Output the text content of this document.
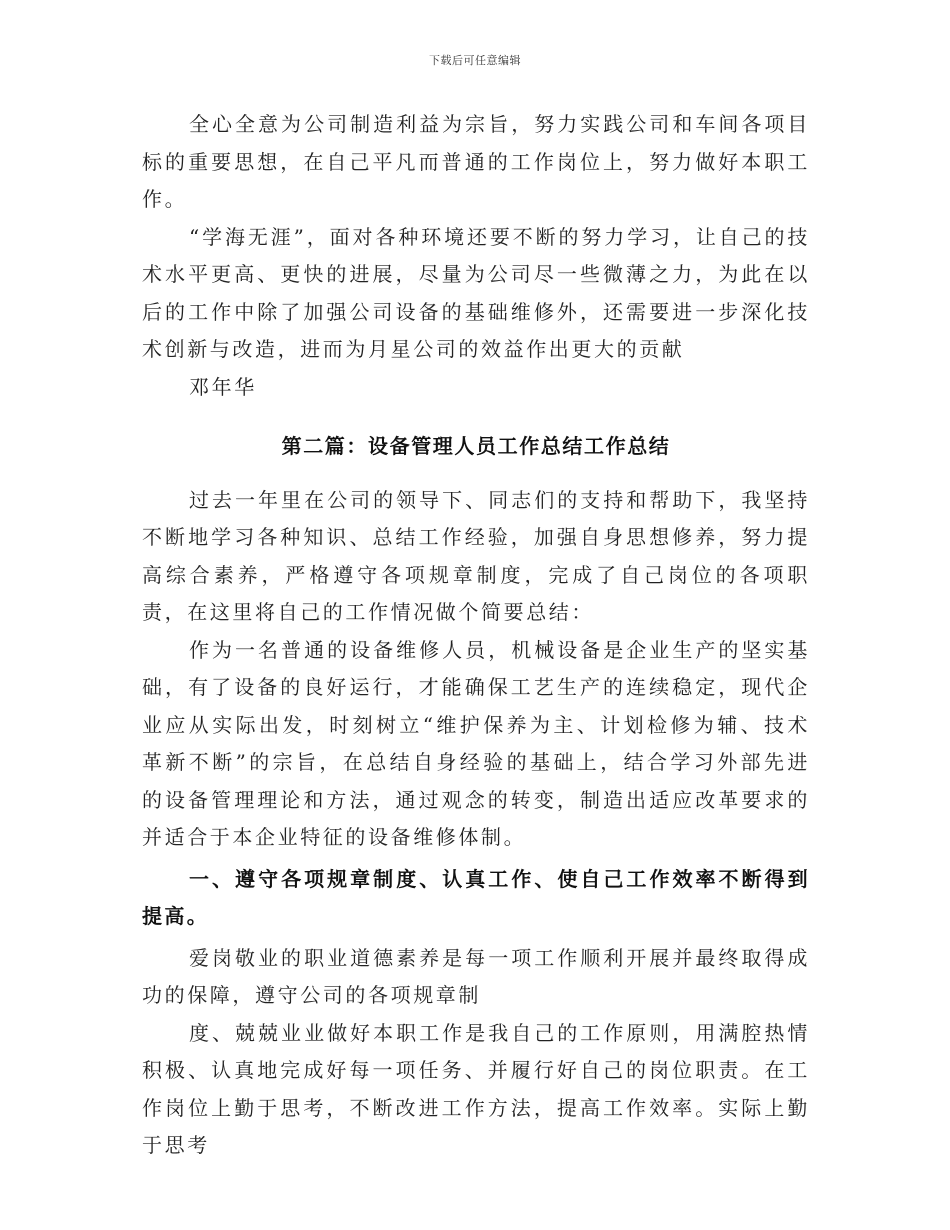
下载后可任意编辑

全心全意为公司制造利益为宗旨，努力实践公司和车间各项目标的重要思想，在自己平凡而普通的工作岗位上，努力做好本职工作。

“学海无涯”，面对各种环境还要不断的努力学习，让自己的技术水平更高、更快的进展，尽量为公司尽一些微薄之力，为此在以后的工作中除了加强公司设备的基础维修外，还需要进一步深化技术创新与改造，进而为月星公司的效益作出更大的贡献

邓年华

第二篇：设备管理人员工作总结工作总结

过去一年里在公司的领导下、同志们的支持和帮助下，我坚持不断地学习各种知识、总结工作经验，加强自身思想修养，努力提高综合素养，严格遵守各项规章制度，完成了自己岗位的各项职责，在这里将自己的工作情况做个简要总结：

作为一名普通的设备维修人员，机械设备是企业生产的坚实基础，有了设备的良好运行，才能确保工艺生产的连续稳定，现代企业应从实际出发，时刻树立“维护保养为主、计划检修为辅、技术革新不断”的宗旨，在总结自身经验的基础上，结合学习外部先进的设备管理理论和方法，通过观念的转变，制造出适应改革要求的并适合于本企业特征的设备维修体制。

一、遵守各项规章制度、认真工作、使自己工作效率不断得到提高。

爱岗敬业的职业道德素养是每一项工作顺利开展并最终取得成功的保障，遵守公司的各项规章制

度、兢兢业业做好本职工作是我自己的工作原则，用满腔热情积极、认真地完成好每一项任务、并履行好自己的岗位职责。在工作岗位上勤于思考，不断改进工作方法，提高工作效率。实际上勤于思考
